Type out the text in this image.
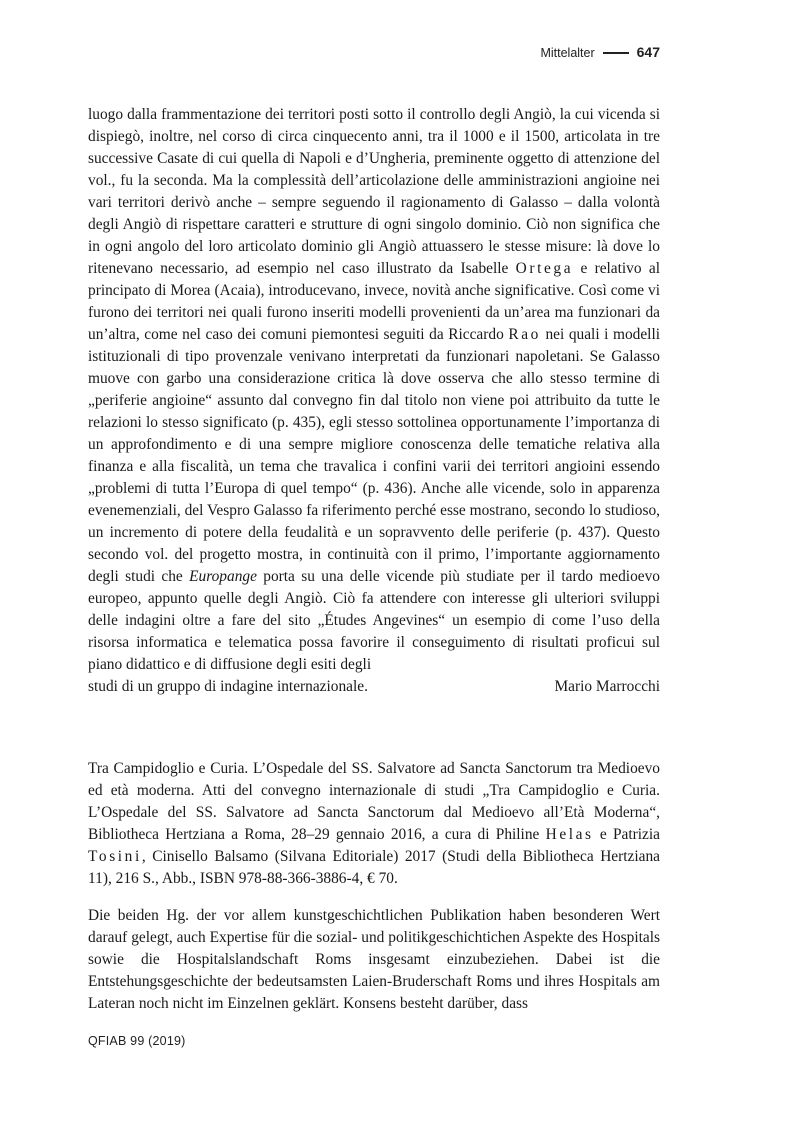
Mittelalter	647

luogo dalla frammentazione dei territori posti sotto il controllo degli Angiò, la cui vicenda si dispiegò, inoltre, nel corso di circa cinquecento anni, tra il 1000 e il 1500, articolata in tre successive Casate di cui quella di Napoli e d’Ungheria, preminente oggetto di attenzione del vol., fu la seconda. Ma la complessità dell’articolazione delle amministrazioni angioine nei vari territori derivò anche – sempre seguendo il ragionamento di Galasso – dalla volontà degli Angiò di rispettare caratteri e strutture di ogni singolo dominio. Ciò non significa che in ogni angolo del loro articolato dominio gli Angiò attuassero le stesse misure: là dove lo ritenevano necessario, ad esempio nel caso illustrato da Isabelle Ortega e relativo al principato di Morea (Acaia), introducevano, invece, novità anche significative. Così come vi furono dei territori nei quali furono inseriti modelli provenienti da un’area ma funzionari da un’altra, come nel caso dei comuni piemontesi seguiti da Riccardo Rao nei quali i modelli istituzionali di tipo provenzale venivano interpretati da funzionari napoletani. Se Galasso muove con garbo una considerazione critica là dove osserva che allo stesso termine di „periferie angioine“ assunto dal convegno fin dal titolo non viene poi attribuito da tutte le relazioni lo stesso significato (p. 435), egli stesso sottolinea opportunamente l’importanza di un approfondimento e di una sempre migliore conoscenza delle tematiche relativa alla finanza e alla fiscalità, un tema che travalica i confini varii dei territori angioini essendo „problemi di tutta l’Europa di quel tempo“ (p. 436). Anche alle vicende, solo in apparenza evenemenziali, del Vespro Galasso fa riferimento perché esse mostrano, secondo lo studioso, un incremento di potere della feudalità e un sopravvento delle periferie (p. 437). Questo secondo vol. del progetto mostra, in continuità con il primo, l’importante aggiornamento degli studi che Europange porta su una delle vicende più studiate per il tardo medioevo europeo, appunto quelle degli Angiò. Ciò fa attendere con interesse gli ulteriori sviluppi delle indagini oltre a fare del sito „Études Angevines“ un esempio di come l’uso della risorsa informatica e telematica possa favorire il conseguimento di risultati proficui sul piano didattico e di diffusione degli esiti degli

studi di un gruppo di indagine internazionale.	Mario Marrocchi

Tra Campidoglio e Curia. L’Ospedale del SS. Salvatore ad Sancta Sanctorum tra Medioevo ed età moderna. Atti del convegno internazionale di studi „Tra Campidoglio e Curia. L’Ospedale del SS. Salvatore ad Sancta Sanctorum dal Medioevo all’Età Moderna“, Bibliotheca Hertziana a Roma, 28–29 gennaio 2016, a cura di Philine Helas e Patrizia Tosini, Cinisello Balsamo (Silvana Editoriale) 2017 (Studi della Bibliotheca Hertziana 11), 216 S., Abb., ISBN 978-88-366-3886-4, € 70.

Die beiden Hg. der vor allem kunstgeschichtlichen Publikation haben besonderen Wert darauf gelegt, auch Expertise für die sozial- und politikgeschichtichen Aspekte des Hospitals sowie die Hospitalslandschaft Roms insgesamt einzubeziehen. Dabei ist die Entstehungsgeschichte der bedeutsamsten Laien-Bruderschaft Roms und ihres Hospitals am Lateran noch nicht im Einzelnen geklärt. Konsens besteht darüber, dass

QFIAB 99 (2019)
